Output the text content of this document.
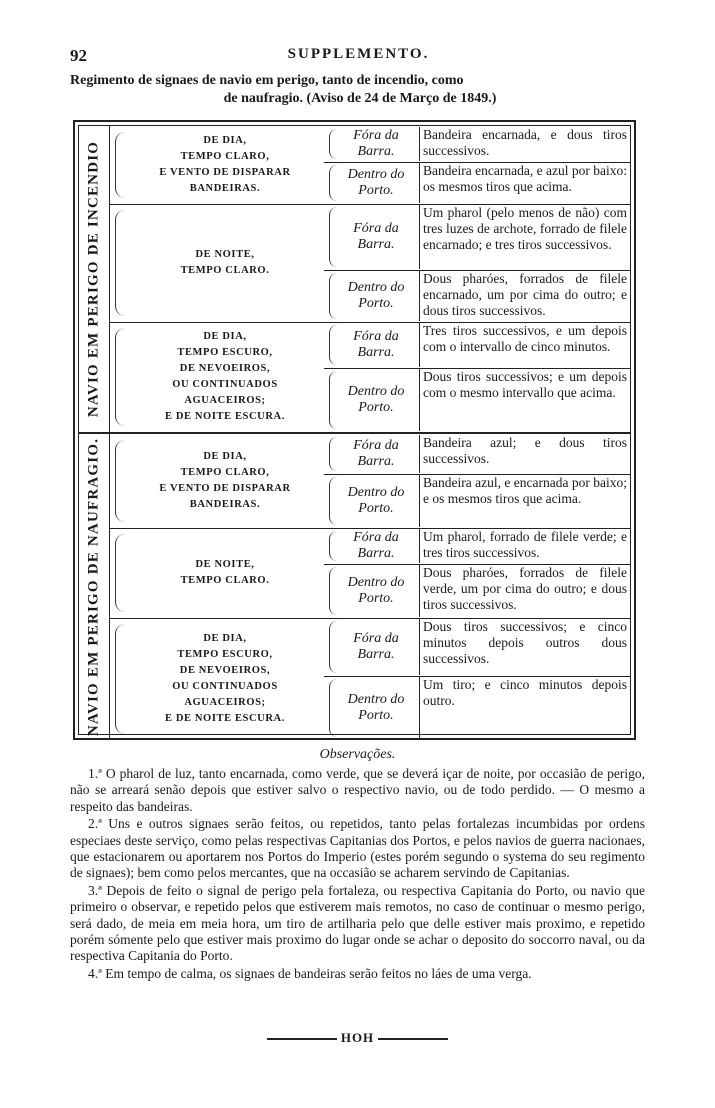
92	SUPPLEMENTO.
Regimento de signaes de navio em perigo, tanto de incendio, como
de naufragio. (Aviso de 24 de Março de 1849.)
NAVIO EM PERIGO DE INCENDIO
DE DIA,
TEMPO CLARO,
E VENTO DE DISPARAR
BANDEIRAS.
Fóra da
Barra.
Bandeira encarnada, e dous tiros successivos.
Dentro do
Porto.
Bandeira encarnada, e azul por baixo: os mesmos tiros que acima.
DE NOITE,
TEMPO CLARO.
Fóra da
Barra.
Um pharol (pelo menos de não) com tres luzes de archote, forrado de filele encarnado; e tres tiros successivos.
Dentro do
Porto.
Dous pharóes, forrados de filele encarnado, um por cima do outro; e dous tiros successivos.
DE DIA,
TEMPO ESCURO,
DE NEVOEIROS,
OU CONTINUADOS
AGUACEIROS;
E DE NOITE ESCURA.
Fóra da
Barra.
Tres tiros successivos, e um depois com o intervallo de cinco minutos.
Dentro do
Porto.
Dous tiros successivos; e um depois com o mesmo intervallo que acima.
NAVIO EM PERIGO DE NAUFRAGIO.	DE DIA,
TEMPO CLARO,
E VENTO DE DISPARAR
BANDEIRAS.
Fóra da
Barra.
Bandeira azul; e dous tiros successivos.
Dentro do
Porto.
Bandeira azul, e encarnada por baixo; e os mesmos tiros que acima.
DE NOITE,
TEMPO CLARO.
Fóra da
Barra.
Um pharol, forrado de filele verde; e tres tiros successivos.
Dentro do
Porto.
Dous pharóes, forrados de filele verde, um por cima do outro; e dous tiros successivos.
DE DIA,
TEMPO ESCURO,
DE NEVOEIROS,
OU CONTINUADOS
AGUACEIROS;
E DE NOITE ESCURA.
Fóra da
Barra.
Dous tiros successivos; e cinco minutos depois outros dous successivos.
Dentro do
Porto.
Um tiro; e cinco minutos depois outro.
Observações.

1.ª O pharol de luz, tanto encarnada, como verde, que se deverá içar de noite, por occasião de perigo, não se arreará senão depois que estiver salvo o respectivo navio, ou de todo perdido. — O mesmo a respeito das bandeiras.

2.ª Uns e outros signaes serão feitos, ou repetidos, tanto pelas fortalezas incumbidas por ordens especiaes deste serviço, como pelas respectivas Capitanias dos Portos, e pelos navios de guerra nacionaes, que estacionarem ou aportarem nos Portos do Imperio (estes porém segundo o systema do seu regimento de signaes); bem como pelos mercantes, que na occasião se acharem servindo de Capitanias.

3.ª Depois de feito o signal de perigo pela fortaleza, ou respectiva Capitania do Porto, ou navio que primeiro o observar, e repetido pelos que estiverem mais remotos, no caso de continuar o mesmo perigo, será dado, de meia em meia hora, um tiro de artilharia pelo que delle estiver mais proximo, e repetido porém sómente pelo que estiver mais proximo do lugar onde se achar o deposito do soccorro naval, ou da respectiva Capitania do Porto.

4.ª Em tempo de calma, os signaes de bandeiras serão feitos no láes de uma verga.

HOH
